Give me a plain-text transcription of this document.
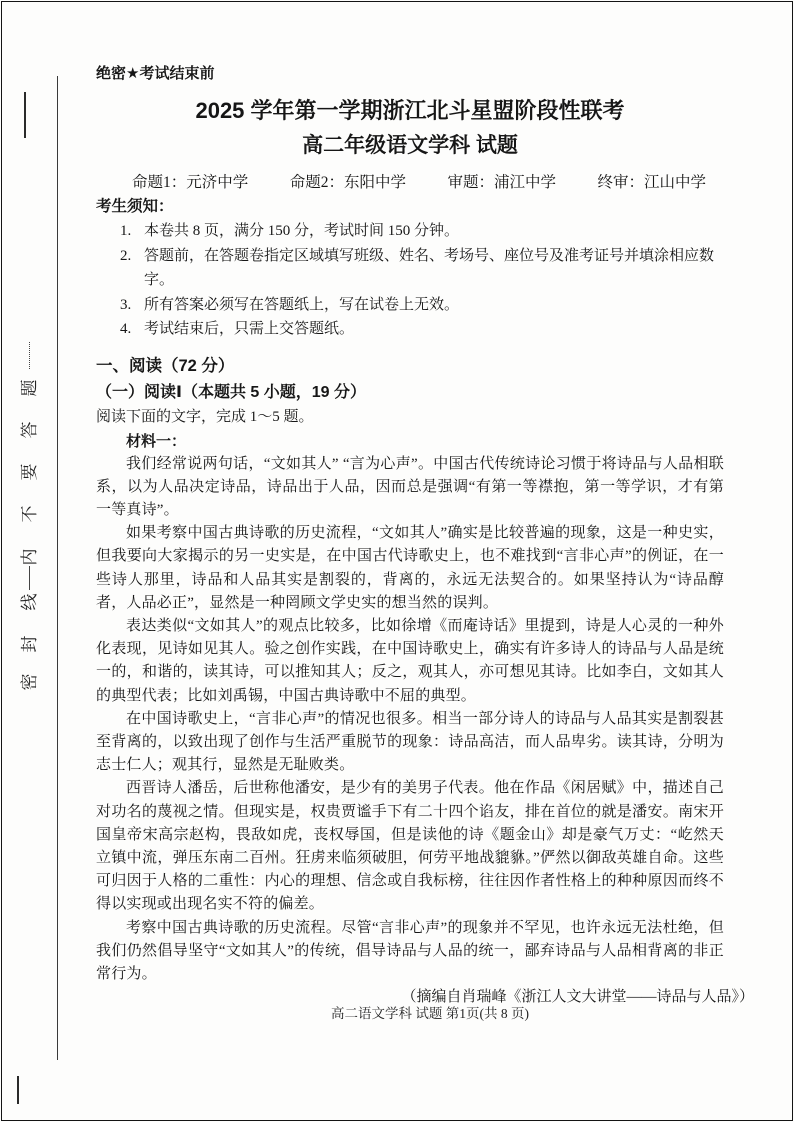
题
答
要
不
内
线
封
密
绝密★考试结束前
2025 学年第一学期浙江北斗星盟阶段性联考
高二年级语文学科 试题
命题1：元济中学	命题2：东阳中学	审题：浦江中学	终审：江山中学
考生须知：
1. 本卷共 8 页，满分 150 分，考试时间 150 分钟。
2. 答题前，在答题卷指定区域填写班级、姓名、考场号、座位号及准考证号并填涂相应数字。
3. 所有答案必须写在答题纸上，写在试卷上无效。
4. 考试结束后，只需上交答题纸。
一、阅读（72 分）
（一）阅读Ⅰ（本题共 5 小题，19 分）

阅读下面的文字，完成 1～5 题。

材料一：

我们经常说两句话，“文如其人” “言为心声”。中国古代传统诗论习惯于将诗品与人品相联系，以为人品决定诗品，诗品出于人品，因而总是强调“有第一等襟抱，第一等学识，才有第一等真诗”。

如果考察中国古典诗歌的历史流程，“文如其人”确实是比较普遍的现象，这是一种史实，但我要向大家揭示的另一史实是，在中国古代诗歌史上，也不难找到“言非心声”的例证，在一些诗人那里，诗品和人品其实是割裂的，背离的，永远无法契合的。如果坚持认为“诗品醇者，人品必正”，显然是一种罔顾文学史实的想当然的误判。

表达类似“文如其人”的观点比较多，比如徐增《而庵诗话》里提到，诗是人心灵的一种外化表现，见诗如见其人。验之创作实践，在中国诗歌史上，确实有许多诗人的诗品与人品是统一的，和谐的，读其诗，可以推知其人；反之，观其人，亦可想见其诗。比如李白，文如其人的典型代表；比如刘禹锡，中国古典诗歌中不屈的典型。

在中国诗歌史上，“言非心声”的情况也很多。相当一部分诗人的诗品与人品其实是割裂甚至背离的，以致出现了创作与生活严重脱节的现象：诗品高洁，而人品卑劣。读其诗，分明为志士仁人；观其行，显然是无耻败类。

西晋诗人潘岳，后世称他潘安，是少有的美男子代表。他在作品《闲居赋》中，描述自己对功名的蔑视之情。但现实是，权贵贾谧手下有二十四个谄友，排在首位的就是潘安。南宋开国皇帝宋高宗赵构，畏敌如虎，丧权辱国，但是读他的诗《题金山》却是豪气万丈：“屹然天立镇中流，弹压东南二百州。狂虏来临须破胆，何劳平地战貔貅。”俨然以御敌英雄自命。这些可归因于人格的二重性：内心的理想、信念或自我标榜，往往因作者性格上的种种原因而终不得以实现或出现名实不符的偏差。

考察中国古典诗歌的历史流程。尽管“言非心声”的现象并不罕见，也许永远无法杜绝，但我们仍然倡导坚守“文如其人”的传统，倡导诗品与人品的统一，鄙弃诗品与人品相背离的非正常行为。

（摘编自肖瑞峰《浙江人文大讲堂——诗品与人品》）

高二语文学科 试题 第1页(共 8 页)
